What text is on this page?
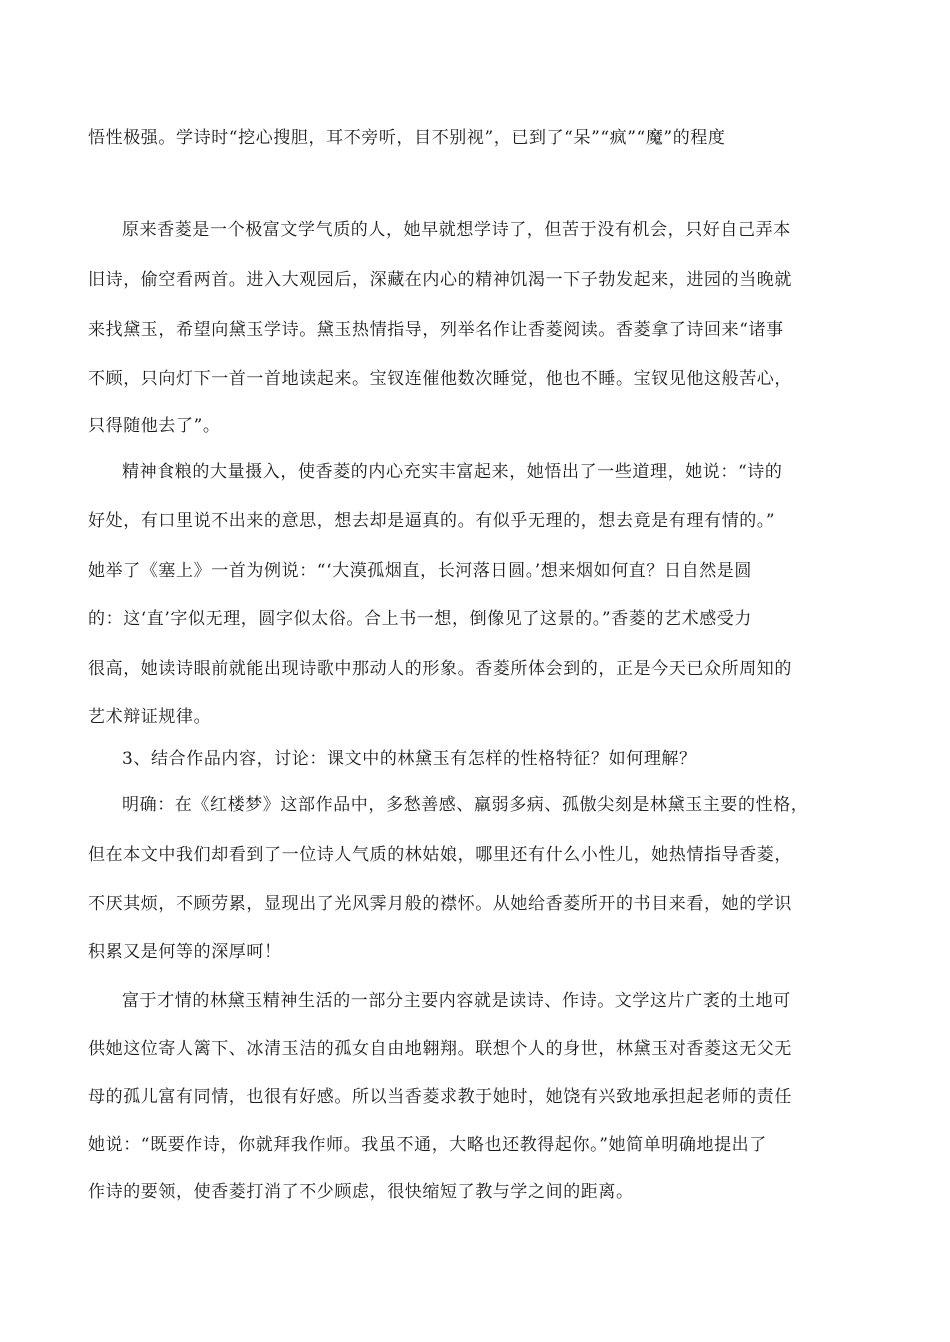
悟性极强。学诗时“挖心搜胆，耳不旁听，目不别视”，已到了“呆”“疯”“魔”的程度
原来香菱是一个极富文学气质的人，她早就想学诗了，但苦于没有机会，只好自己弄本
旧诗，偷空看两首。进入大观园后，深藏在内心的精神饥渴一下子勃发起来，进园的当晚就
来找黛玉，希望向黛玉学诗。黛玉热情指导，列举名作让香菱阅读。香菱拿了诗回来“诸事
不顾，只向灯下一首一首地读起来。宝钗连催他数次睡觉，他也不睡。宝钗见他这般苦心，
只得随他去了”。
精神食粮的大量摄入，使香菱的内心充实丰富起来，她悟出了一些道理，她说：“诗的
好处，有口里说不出来的意思，想去却是逼真的。有似乎无理的，想去竟是有理有情的。”
她举了《塞上》一首为例说：“‘大漠孤烟直，长河落日圆。’想来烟如何直？日自然是圆
的：这‘直’字似无理，圆字似太俗。合上书一想，倒像见了这景的。”香菱的艺术感受力
很高，她读诗眼前就能出现诗歌中那动人的形象。香菱所体会到的，正是今天已众所周知的
艺术辩证规律。
3、结合作品内容，讨论：课文中的林黛玉有怎样的性格特征？如何理解？
明确：在《红楼梦》这部作品中，多愁善感、羸弱多病、孤傲尖刻是林黛玉主要的性格，
但在本文中我们却看到了一位诗人气质的林姑娘，哪里还有什么小性儿，她热情指导香菱，
不厌其烦，不顾劳累，显现出了光风霁月般的襟怀。从她给香菱所开的书目来看，她的学识
积累又是何等的深厚呵！
富于才情的林黛玉精神生活的一部分主要内容就是读诗、作诗。文学这片广袤的土地可
供她这位寄人篱下、冰清玉洁的孤女自由地翱翔。联想个人的身世，林黛玉对香菱这无父无
母的孤儿富有同情，也很有好感。所以当香菱求教于她时，她饶有兴致地承担起老师的责任
她说：“既要作诗，你就拜我作师。我虽不通，大略也还教得起你。”她简单明确地提出了
作诗的要领，使香菱打消了不少顾虑，很快缩短了教与学之间的距离。
